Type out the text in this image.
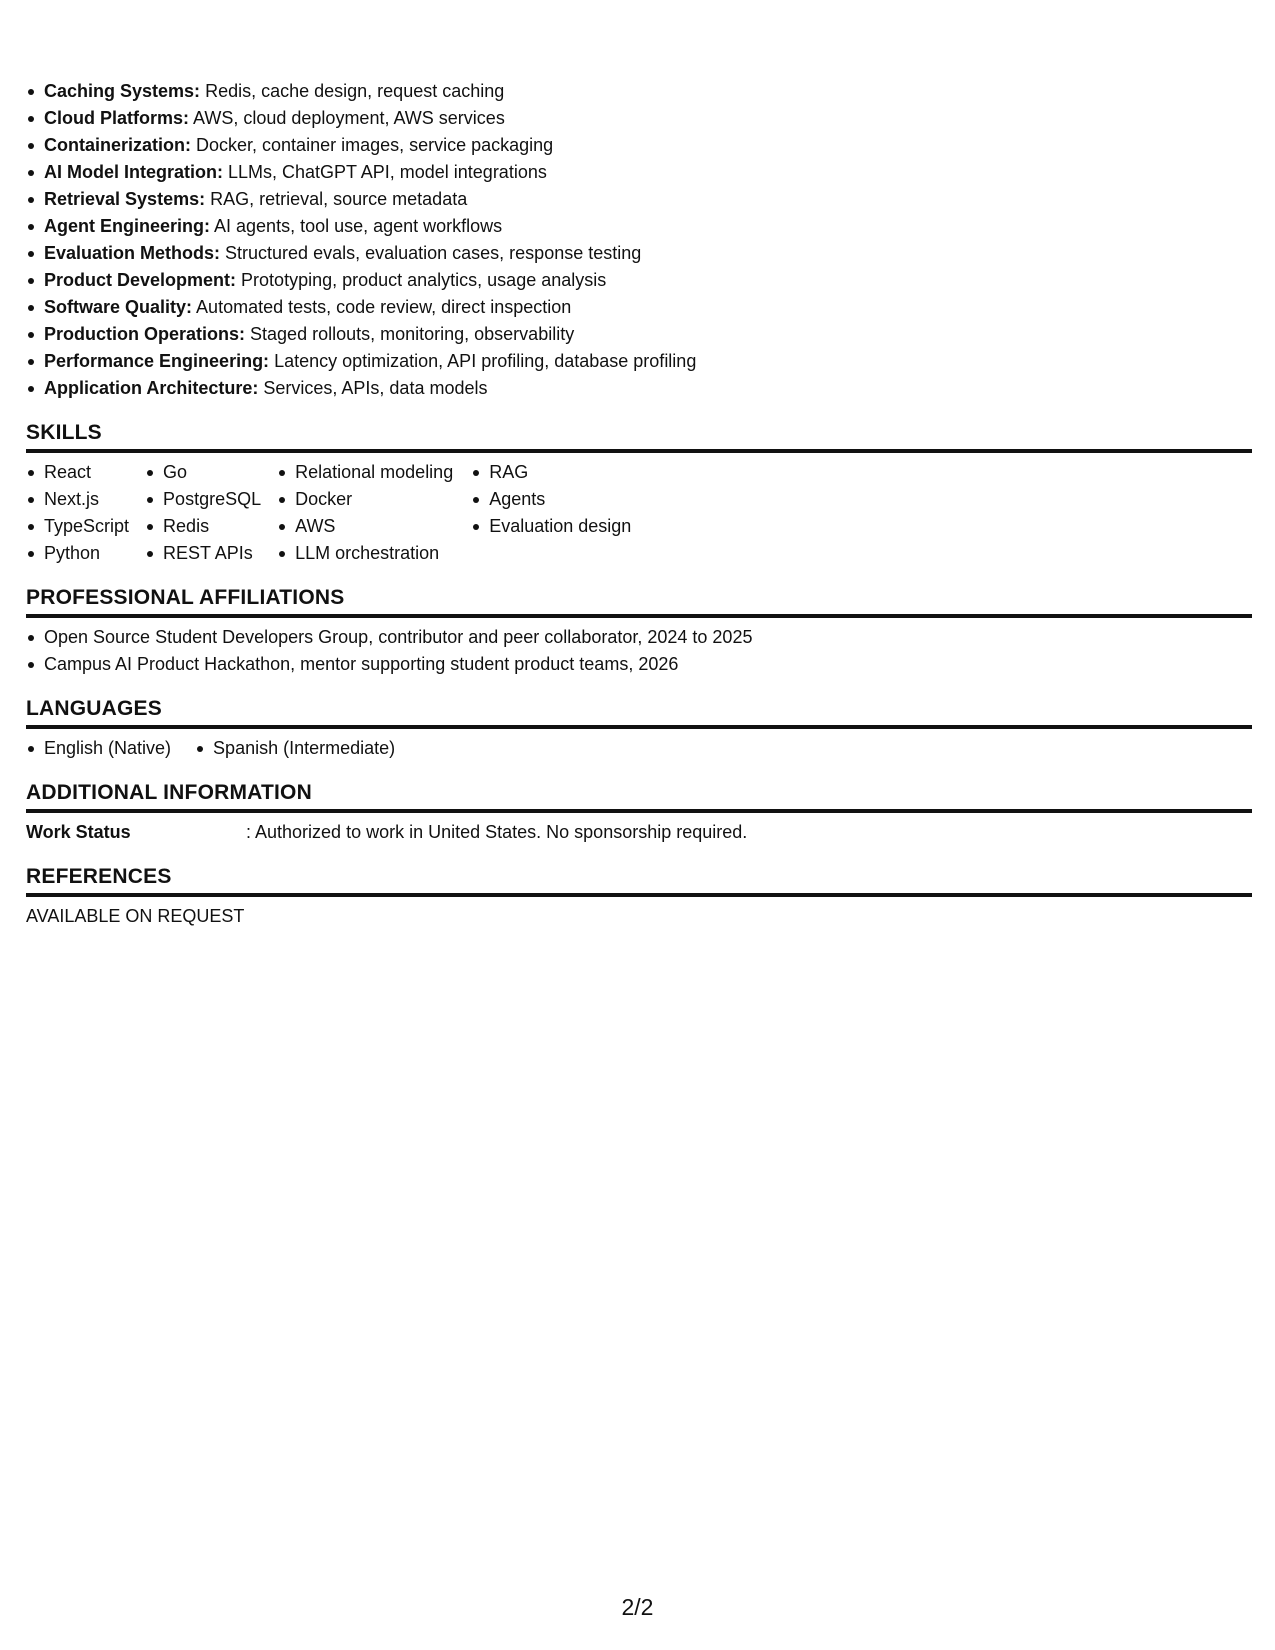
Caching Systems: Redis, cache design, request caching
Cloud Platforms: AWS, cloud deployment, AWS services
Containerization: Docker, container images, service packaging
AI Model Integration: LLMs, ChatGPT API, model integrations
Retrieval Systems: RAG, retrieval, source metadata
Agent Engineering: AI agents, tool use, agent workflows
Evaluation Methods: Structured evals, evaluation cases, response testing
Product Development: Prototyping, product analytics, usage analysis
Software Quality: Automated tests, code review, direct inspection
Production Operations: Staged rollouts, monitoring, observability
Performance Engineering: Latency optimization, API profiling, database profiling
Application Architecture: Services, APIs, data models
SKILLS
React
Next.js
TypeScript
Python
Go
PostgreSQL
Redis
REST APIs
Relational modeling
Docker
AWS
LLM orchestration
RAG
Agents
Evaluation design
PROFESSIONAL AFFILIATIONS
Open Source Student Developers Group, contributor and peer collaborator, 2024 to 2025
Campus AI Product Hackathon, mentor supporting student product teams, 2026
LANGUAGES
English (Native)	Spanish (Intermediate)
ADDITIONAL INFORMATION
Work Status	: Authorized to work in United States. No sponsorship required.
REFERENCES
AVAILABLE ON REQUEST
2/2
